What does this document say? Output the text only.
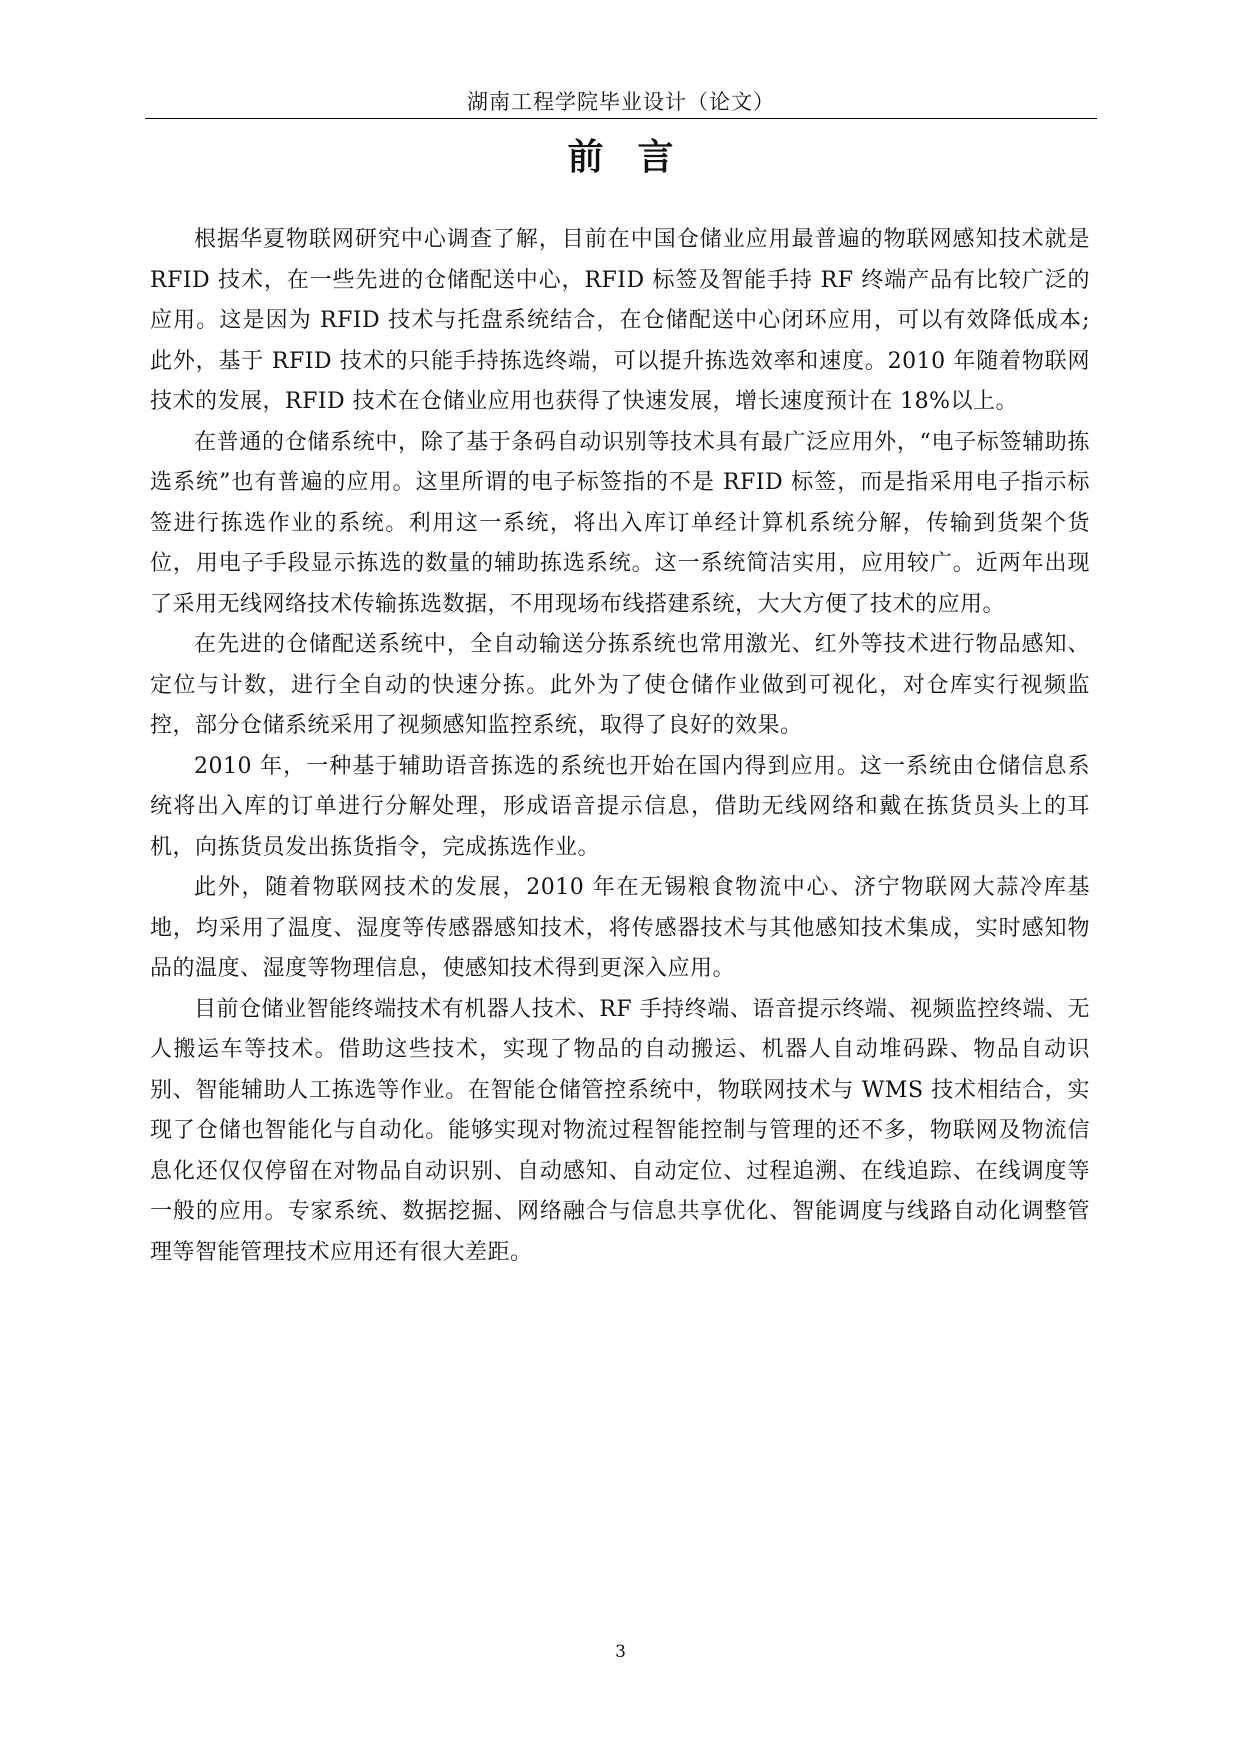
湖南工程学院毕业设计（论文）
前言

根据华夏物联网研究中心调查了解，目前在中国仓储业应用最普遍的物联网感知技术就是 RFID 技术，在一些先进的仓储配送中心，RFID 标签及智能手持 RF 终端产品有比较广泛的应用。这是因为 RFID 技术与托盘系统结合，在仓储配送中心闭环应用，可以有效降低成本; 此外，基于 RFID 技术的只能手持拣选终端，可以提升拣选效率和速度。2010 年随着物联网技术的发展，RFID 技术在仓储业应用也获得了快速发展，增长速度预计在 18%以上。

在普通的仓储系统中，除了基于条码自动识别等技术具有最广泛应用外，“电子标签辅助拣选系统”也有普遍的应用。这里所谓的电子标签指的不是 RFID 标签，而是指采用电子指示标签进行拣选作业的系统。利用这一系统，将出入库订单经计算机系统分解，传输到货架个货位，用电子手段显示拣选的数量的辅助拣选系统。这一系统简洁实用，应用较广。近两年出现了采用无线网络技术传输拣选数据，不用现场布线搭建系统，大大方便了技术的应用。

在先进的仓储配送系统中，全自动输送分拣系统也常用激光、红外等技术进行物品感知、定位与计数，进行全自动的快速分拣。此外为了使仓储作业做到可视化，对仓库实行视频监控，部分仓储系统采用了视频感知监控系统，取得了良好的效果。

2010 年，一种基于辅助语音拣选的系统也开始在国内得到应用。这一系统由仓储信息系统将出入库的订单进行分解处理，形成语音提示信息，借助无线网络和戴在拣货员头上的耳机，向拣货员发出拣货指令，完成拣选作业。

此外，随着物联网技术的发展，2010 年在无锡粮食物流中心、济宁物联网大蒜冷库基地，均采用了温度、湿度等传感器感知技术，将传感器技术与其他感知技术集成，实时感知物品的温度、湿度等物理信息，使感知技术得到更深入应用。

目前仓储业智能终端技术有机器人技术、RF 手持终端、语音提示终端、视频监控终端、无人搬运车等技术。借助这些技术，实现了物品的自动搬运、机器人自动堆码跺、物品自动识别、智能辅助人工拣选等作业。在智能仓储管控系统中，物联网技术与 WMS 技术相结合，实现了仓储也智能化与自动化。能够实现对物流过程智能控制与管理的还不多，物联网及物流信息化还仅仅停留在对物品自动识别、自动感知、自动定位、过程追溯、在线追踪、在线调度等一般的应用。专家系统、数据挖掘、网络融合与信息共享优化、智能调度与线路自动化调整管理等智能管理技术应用还有很大差距。

3
